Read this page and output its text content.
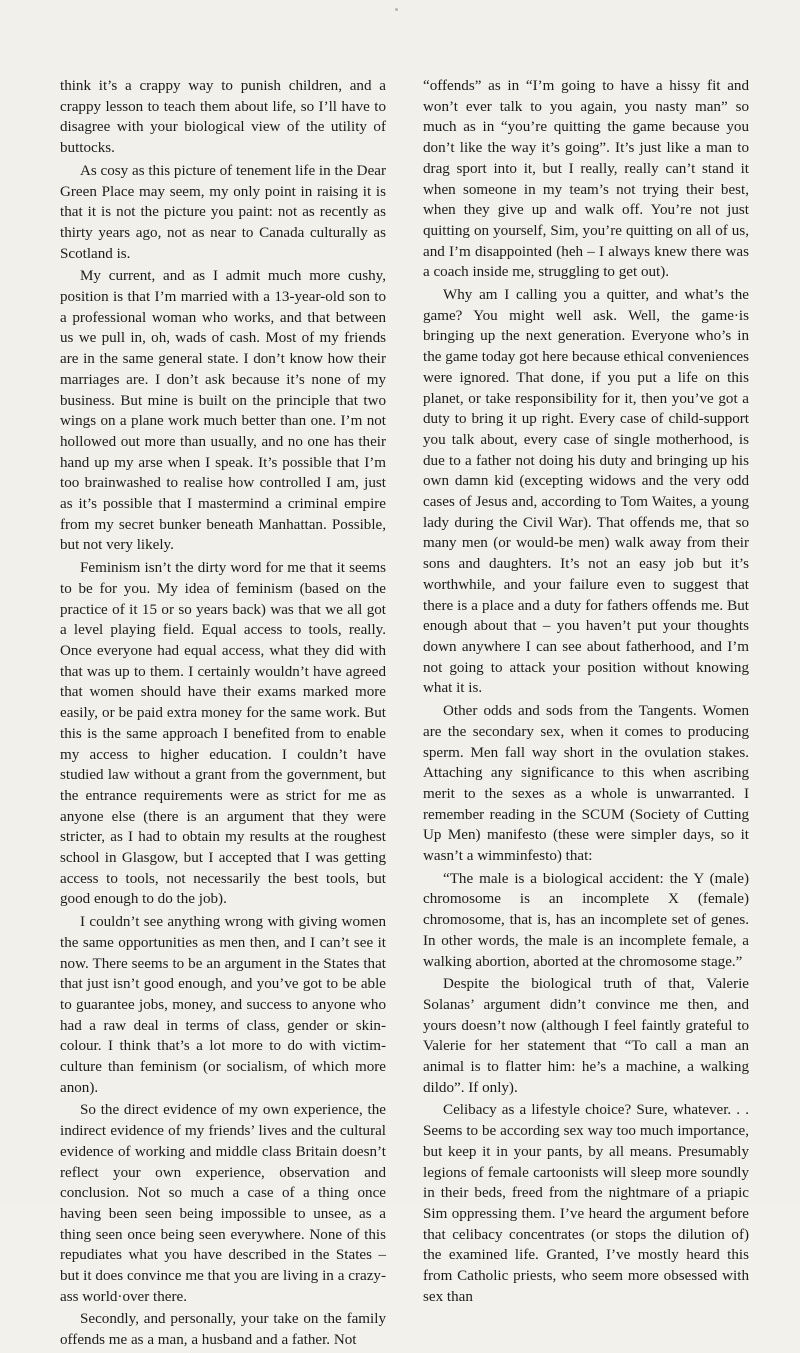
think it’s a crappy way to punish children, and a crappy lesson to teach them about life, so I’ll have to disagree with your biological view of the utility of buttocks.

As cosy as this picture of tenement life in the Dear Green Place may seem, my only point in raising it is that it is not the picture you paint: not as recently as thirty years ago, not as near to Canada culturally as Scotland is.

My current, and as I admit much more cushy, position is that I’m married with a 13-year-old son to a professional woman who works, and that between us we pull in, oh, wads of cash. Most of my friends are in the same general state. I don’t know how their marriages are. I don’t ask because it’s none of my business. But mine is built on the principle that two wings on a plane work much better than one. I’m not hollowed out more than usually, and no one has their hand up my arse when I speak. It’s possible that I’m too brainwashed to realise how controlled I am, just as it’s possible that I mastermind a criminal empire from my secret bunker beneath Manhattan. Possible, but not very likely.

Feminism isn’t the dirty word for me that it seems to be for you. My idea of feminism (based on the practice of it 15 or so years back) was that we all got a level playing field. Equal access to tools, really. Once everyone had equal access, what they did with that was up to them. I certainly wouldn’t have agreed that women should have their exams marked more easily, or be paid extra money for the same work. But this is the same approach I benefited from to enable my access to higher education. I couldn’t have studied law without a grant from the government, but the entrance requirements were as strict for me as anyone else (there is an argument that they were stricter, as I had to obtain my results at the roughest school in Glasgow, but I accepted that I was getting access to tools, not necessarily the best tools, but good enough to do the job).

I couldn’t see anything wrong with giving women the same opportunities as men then, and I can’t see it now. There seems to be an argument in the States that that just isn’t good enough, and you’ve got to be able to guarantee jobs, money, and success to anyone who had a raw deal in terms of class, gender or skin-colour. I think that’s a lot more to do with victim-culture than feminism (or socialism, of which more anon).

So the direct evidence of my own experience, the indirect evidence of my friends’ lives and the cultural evidence of working and middle class Britain doesn’t reflect your own experience, observation and conclusion. Not so much a case of a thing once having been seen being impossible to unsee, as a thing seen once being seen everywhere. None of this repudiates what you have described in the States – but it does convince me that you are living in a crazy-ass world·over there.

Secondly, and personally, your take on the family offends me as a man, a husband and a father. Not

“offends” as in “I’m going to have a hissy fit and won’t ever talk to you again, you nasty man” so much as in “you’re quitting the game because you don’t like the way it’s going”. It’s just like a man to drag sport into it, but I really, really can’t stand it when someone in my team’s not trying their best, when they give up and walk off. You’re not just quitting on yourself, Sim, you’re quitting on all of us, and I’m disappointed (heh – I always knew there was a coach inside me, struggling to get out).

Why am I calling you a quitter, and what’s the game? You might well ask. Well, the game·is bringing up the next generation. Everyone who’s in the game today got here because ethical conveniences were ignored. That done, if you put a life on this planet, or take responsibility for it, then you’ve got a duty to bring it up right. Every case of child-support you talk about, every case of single motherhood, is due to a father not doing his duty and bringing up his own damn kid (excepting widows and the very odd cases of Jesus and, according to Tom Waites, a young lady during the Civil War). That offends me, that so many men (or would-be men) walk away from their sons and daughters. It’s not an easy job but it’s worthwhile, and your failure even to suggest that there is a place and a duty for fathers offends me. But enough about that – you haven’t put your thoughts down anywhere I can see about fatherhood, and I’m not going to attack your position without knowing what it is.

Other odds and sods from the Tangents. Women are the secondary sex, when it comes to producing sperm. Men fall way short in the ovulation stakes. Attaching any significance to this when ascribing merit to the sexes as a whole is unwarranted. I remember reading in the SCUM (Society of Cutting Up Men) manifesto (these were simpler days, so it wasn’t a wimminfesto) that:

“The male is a biological accident: the Y (male) chromosome is an incomplete X (female) chromosome, that is, has an incomplete set of genes. In other words, the male is an incomplete female, a walking abortion, aborted at the chromosome stage.”

Despite the biological truth of that, Valerie Solanas’ argument didn’t convince me then, and yours doesn’t now (although I feel faintly grateful to Valerie for her statement that “To call a man an animal is to flatter him: he’s a machine, a walking dildo”. If only).

Celibacy as a lifestyle choice? Sure, whatever. . . Seems to be according sex way too much importance, but keep it in your pants, by all means. Presumably legions of female cartoonists will sleep more soundly in their beds, freed from the nightmare of a priapic Sim oppressing them. I’ve heard the argument before that celibacy concentrates (or stops the dilution of) the examined life. Granted, I’ve mostly heard this from Catholic priests, who seem more obsessed with sex than
